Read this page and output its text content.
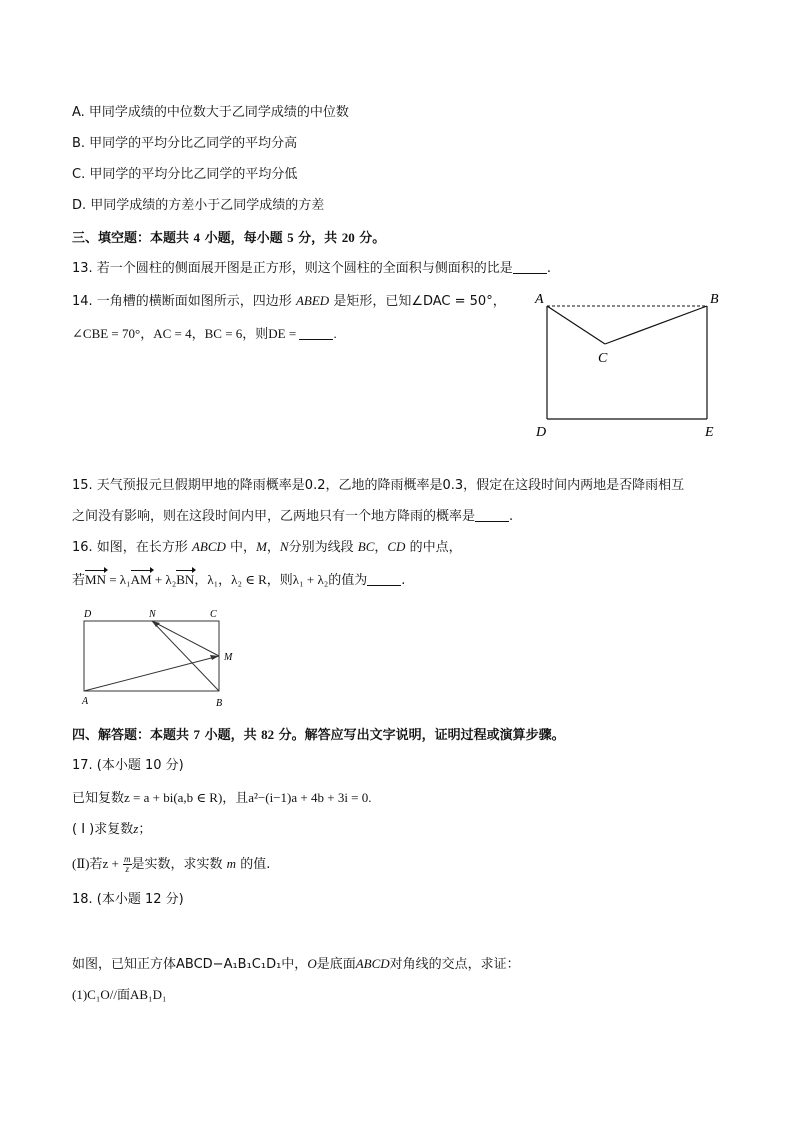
A. 甲同学成绩的中位数大于乙同学成绩的中位数
B. 甲同学的平均分比乙同学的平均分高
C. 甲同学的平均分比乙同学的平均分低
D. 甲同学成绩的方差小于乙同学成绩的方差
三、填空题：本题共 4 小题，每小题 5 分，共 20 分。
13. 若一个圆柱的侧面展开图是正方形，则这个圆柱的全面积与侧面积的比是	.
14. 一角槽的横断面如图所示，四边形 ABED 是矩形，已知∠DAC = 50°，
∠CBE = 70°，AC = 4，BC = 6，则DE =	.
A	B
C
D	E
15. 天气预报元旦假期甲地的降雨概率是0.2，乙地的降雨概率是0.3，假定在这段时间内两地是否降雨相互
之间没有影响，则在这段时间内甲，乙两地只有一个地方降雨的概率是	.
16. 如图，在长方形 ABCD 中，M，N分别为线段 BC，CD 的中点，
若MN = λ₁AM + λ₂BN，λ₁，λ₂ ∈ R，则λ₁ + λ₂的值为	.
D	N	C
M
A	B
四、解答题：本题共 7 小题，共 82 分。解答应写出文字说明，证明过程或演算步骤。
17. (本小题 10 分)
已知复数z = a + bi(a,b ∈ R)，且a²−(i−1)a + 4b + 3i = 0.
( Ⅰ )求复数z；
(Ⅱ)若$z + \frac{m}{z}$ 是实数，求实数 m 的值.
18. (本小题 12 分)
如图，已知正方体ABCD−A₁B₁C₁D₁中，O是底面ABCD对角线的交点，求证：
(1)C₁O//面AB₁D₁
